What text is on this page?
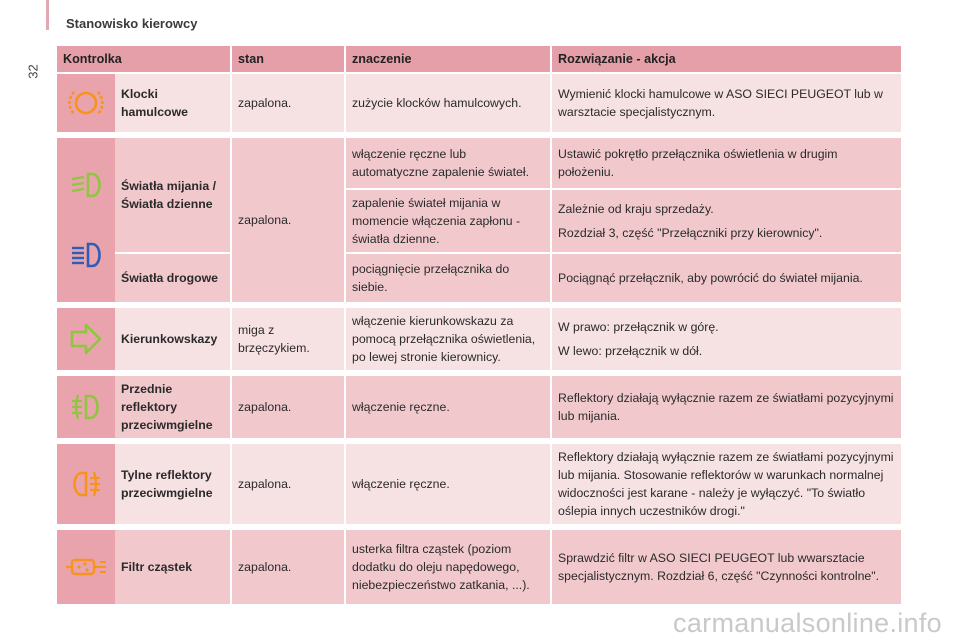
Stanowisko kierowcy
32
Kontrolka		stan	znaczenie	Rozwiązanie - akcja

	Klocki hamulcowe	zapalona.	zużycie klocków hamulcowych.	Wymienić klocki hamulcowe w ASO SIECI PEUGEOT lub w warsztacie specjalistycznym.

	Światła mijania / Światła dzienne	zapalona.	włączenie ręczne lub automatyczne zapalenie świateł.	Ustawić pokrętło przełącznika oświetlenia w drugim położeniu.

			zapalenie świateł mijania w momencie włączenia zapłonu - światła dzienne.	Zależnie od kraju sprzedaży.

Rozdział 3, część "Przełączniki przy kierownicy".

	Światła drogowe		pociągnięcie przełącznika do siebie.	Pociągnąć przełącznik, aby powrócić do świateł mijania.

	Kierunkowskazy	miga z brzęczykiem.	włączenie kierunkowskazu za pomocą przełącznika oświetlenia, po lewej stronie kierownicy.	W prawo: przełącznik w górę.

W lewo: przełącznik w dół.

	Przednie reflektory przeciwmgielne	zapalona.	włączenie ręczne.	Reflektory działają wyłącznie razem ze światłami pozycyjnymi lub mijania.

	Tylne reflektory przeciwmgielne	zapalona.	włączenie ręczne.	Reflektory działają wyłącznie razem ze światłami pozycyjnymi lub mijania. Stosowanie reflektorów w warunkach normalnej widoczności jest karane - należy je wyłączyć. "To światło oślepia innych uczestników drogi."

	Filtr cząstek	zapalona.	usterka filtra cząstek (poziom dodatku do oleju napędowego, niebezpieczeństwo zatkania, ...).	Sprawdzić filtr w ASO SIECI PEUGEOT lub wwarsztacie specjalistycznym. Rozdział 6, część "Czynności kontrolne".

carmanualsonline.info
